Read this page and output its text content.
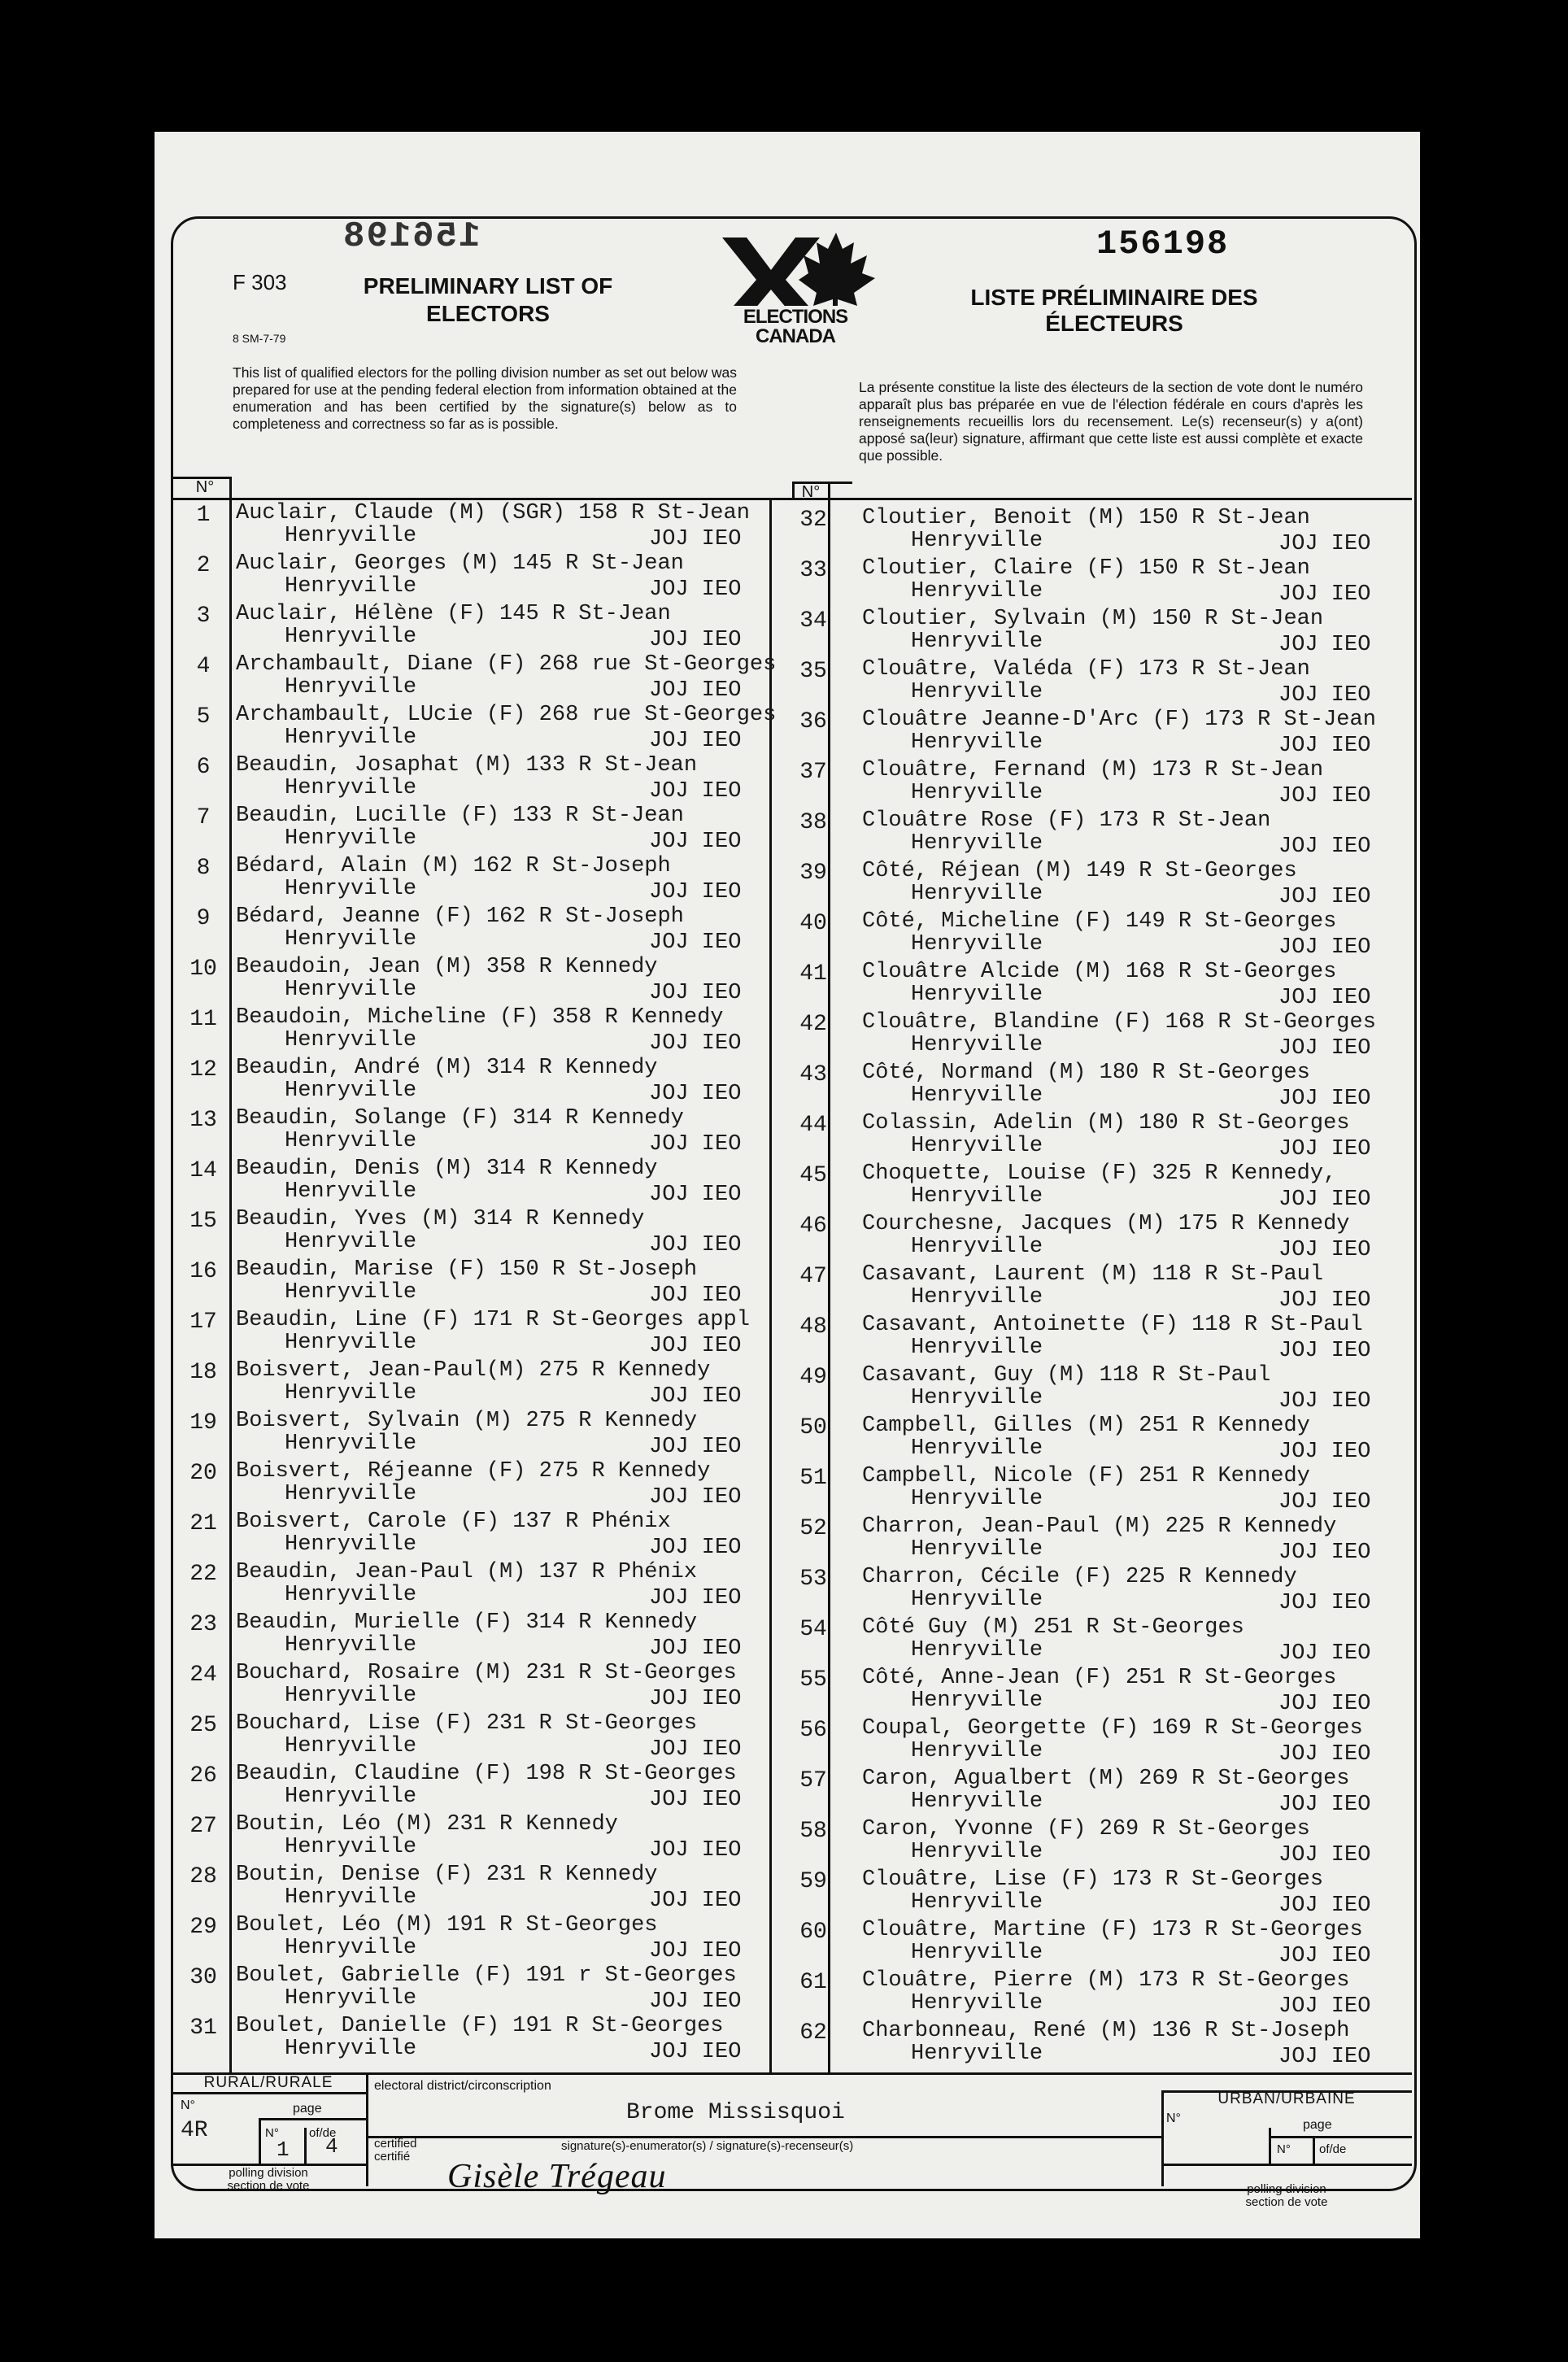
156198
F 303
8 SM-7-79
PRELIMINARY LIST OF
ELECTORS	ELECTIONS
CANADA
156198
LISTE PRÉLIMINAIRE DES
ÉLECTEURS
This list of qualified electors for the polling division number as set out below was prepared for use at the pending federal election from information obtained at the enumeration and has been certified by the signature(s) below as to completeness and correctness so far as is possible.
La présente constitue la liste des électeurs de la section de vote dont le numéro apparaît plus bas préparée en vue de l'élection fédérale en cours d'après les renseignements recueillis lors du recensement. Le(s) recenseur(s) y a(ont) apposé sa(leur) signature, affirmant que cette liste est aussi complète et exacte que possible.
N°	N°
1	Auclair, Claude (M) (SGR) 158 R St-Jean
Henryville	JOJ IEO
2	Auclair, Georges (M) 145 R St-Jean
Henryville	JOJ IEO
3	Auclair, Hélène (F) 145 R St-Jean
Henryville	JOJ IEO
4	Archambault, Diane (F) 268 rue St-Georges
Henryville	JOJ IEO
5	Archambault, LUcie (F) 268 rue St-Georges
Henryville	JOJ IEO
6	Beaudin, Josaphat (M) 133 R St-Jean
Henryville	JOJ IEO
7	Beaudin, Lucille (F) 133 R St-Jean
Henryville	JOJ IEO
8	Bédard, Alain (M) 162 R St-Joseph
Henryville	JOJ IEO
9	Bédard, Jeanne (F) 162 R St-Joseph
Henryville	JOJ IEO
10 Beaudoin, Jean (M) 358 R Kennedy
Henryville	JOJ IEO
11 Beaudoin, Micheline (F) 358 R Kennedy
Henryville	JOJ IEO
12 Beaudin, André (M) 314 R Kennedy
Henryville	JOJ IEO
13 Beaudin, Solange (F) 314 R Kennedy
Henryville	JOJ IEO
14 Beaudin, Denis (M) 314 R Kennedy
Henryville	JOJ IEO
15 Beaudin, Yves (M) 314 R Kennedy
Henryville	JOJ IEO
16 Beaudin, Marise (F) 150 R St-Joseph
Henryville	JOJ IEO
17 Beaudin, Line (F) 171 R St-Georges appl
Henryville	JOJ IEO
18 Boisvert, Jean-Paul(M) 275 R Kennedy
Henryville	JOJ IEO
19 Boisvert, Sylvain (M) 275 R Kennedy
Henryville	JOJ IEO
20 Boisvert, Réjeanne (F) 275 R Kennedy
Henryville	JOJ IEO
21 Boisvert, Carole (F) 137 R Phénix
Henryville	JOJ IEO
22 Beaudin, Jean-Paul (M) 137 R Phénix
Henryville	JOJ IEO
23 Beaudin, Murielle (F) 314 R Kennedy
Henryville	JOJ IEO
24 Bouchard, Rosaire (M) 231 R St-Georges
Henryville	JOJ IEO
25 Bouchard, Lise (F) 231 R St-Georges
Henryville	JOJ IEO
26 Beaudin, Claudine (F) 198 R St-Georges
Henryville	JOJ IEO
27 Boutin, Léo (M) 231 R Kennedy
Henryville	JOJ IEO
28 Boutin, Denise (F) 231 R Kennedy
Henryville	JOJ IEO
29 Boulet, Léo (M) 191 R St-Georges
Henryville	JOJ IEO
30 Boulet, Gabrielle (F) 191 r St-Georges
Henryville	JOJ IEO
31 Boulet, Danielle (F) 191 R St-Georges
Henryville	JOJ IEO
32	Cloutier, Benoit (M) 150 R St-Jean
Henryville	JOJ IEO
33	Cloutier, Claire (F) 150 R St-Jean
Henryville	JOJ IEO
34	Cloutier, Sylvain (M) 150 R St-Jean
Henryville	JOJ IEO
35	Clouâtre, Valéda (F) 173 R St-Jean
Henryville	JOJ IEO
36	Clouâtre Jeanne-D'Arc (F) 173 R St-Jean
Henryville	JOJ IEO
37	Clouâtre, Fernand (M) 173 R St-Jean
Henryville	JOJ IEO
38	Clouâtre Rose (F) 173 R St-Jean
Henryville	JOJ IEO
39	Côté, Réjean (M) 149 R St-Georges
Henryville	JOJ IEO
40	Côté, Micheline (F) 149 R St-Georges
Henryville	JOJ IEO
41	Clouâtre Alcide (M) 168 R St-Georges
Henryville	JOJ IEO
42	Clouâtre, Blandine (F) 168 R St-Georges
Henryville	JOJ IEO
43	Côté, Normand (M) 180 R St-Georges
Henryville	JOJ IEO
44	Colassin, Adelin (M) 180 R St-Georges
Henryville	JOJ IEO
45	Choquette, Louise (F) 325 R Kennedy,
Henryville	JOJ IEO
46	Courchesne, Jacques (M) 175 R Kennedy
Henryville	JOJ IEO
47	Casavant, Laurent (M) 118 R St-Paul
Henryville	JOJ IEO
48	Casavant, Antoinette (F) 118 R St-Paul
Henryville	JOJ IEO
49	Casavant, Guy (M) 118 R St-Paul
Henryville	JOJ IEO
50	Campbell, Gilles (M) 251 R Kennedy
Henryville	JOJ IEO
51	Campbell, Nicole (F) 251 R Kennedy
Henryville	JOJ IEO
52	Charron, Jean-Paul (M) 225 R Kennedy
Henryville	JOJ IEO
53	Charron, Cécile (F) 225 R Kennedy
Henryville	JOJ IEO
54	Côté Guy (M) 251 R St-Georges
Henryville	JOJ IEO
55	Côté, Anne-Jean (F) 251 R St-Georges
Henryville	JOJ IEO
56	Coupal, Georgette (F) 169 R St-Georges
Henryville	JOJ IEO
57	Caron, Agualbert (M) 269 R St-Georges
Henryville	JOJ IEO
58	Caron, Yvonne (F) 269 R St-Georges
Henryville	JOJ IEO
59	Clouâtre, Lise (F) 173 R St-Georges
Henryville	JOJ IEO
60	Clouâtre, Martine (F) 173 R St-Georges
Henryville	JOJ IEO
61	Clouâtre, Pierre (M) 173 R St-Georges
Henryville	JOJ IEO
62	Charbonneau, René (M) 136 R St-Joseph
Henryville	JOJ IEO
RURAL/RURALE
N°	page
4R	N°
1
of/de
4
polling division
section de vote
electoral district/circonscription
Brome Missisquoi
certified
certifié
signature(s)-enumerator(s) / signature(s)-recenseur(s)
Gisèle Trégeau
URBAN/URBAINE
N°	page
N° of/de
polling division
section de vote
